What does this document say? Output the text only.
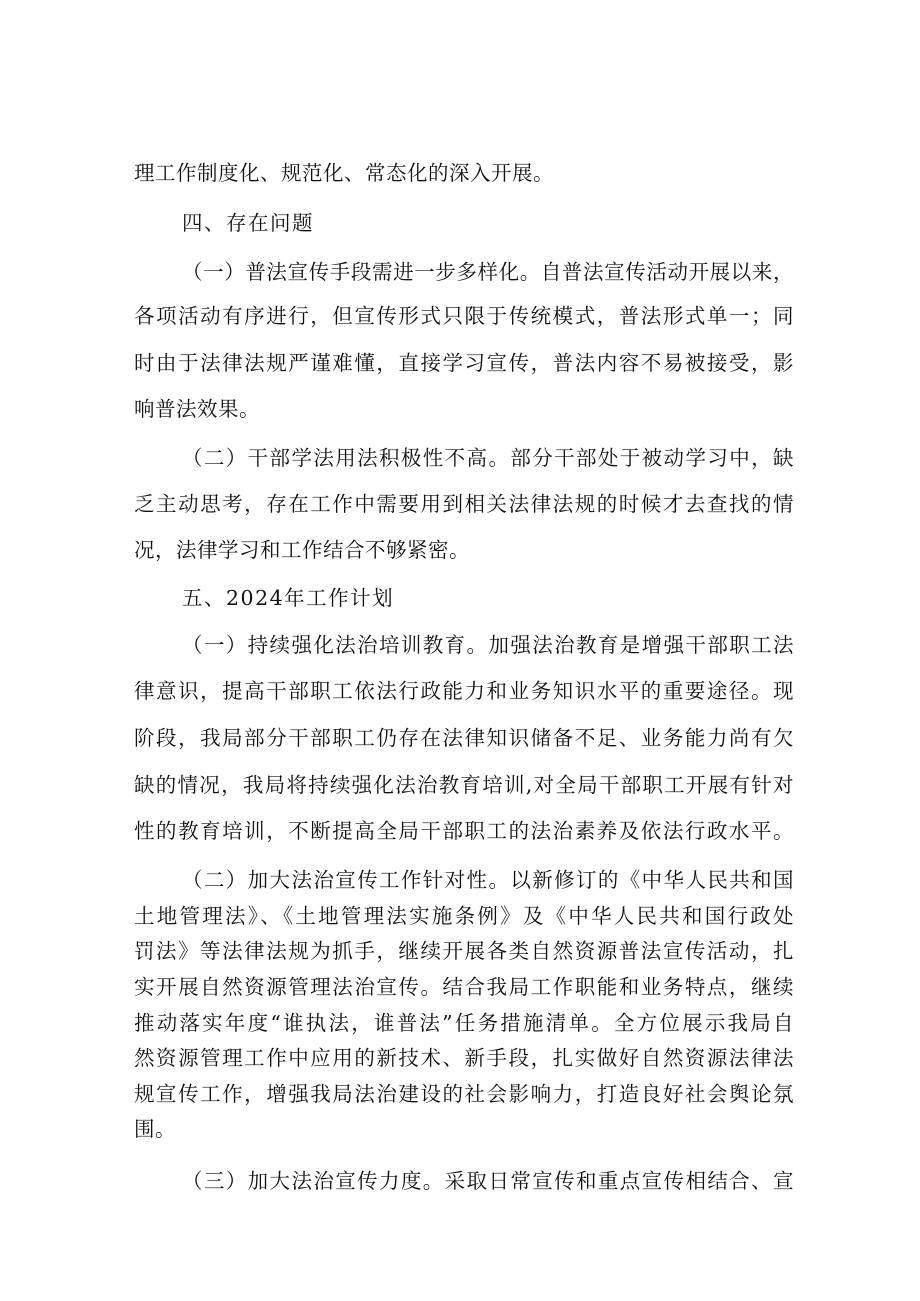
理工作制度化、规范化、常态化的深入开展。
四、存在问题
（一）普法宣传手段需进一步多样化。自普法宣传活动开展以来，
各项活动有序进行，但宣传形式只限于传统模式，普法形式单一；同
时由于法律法规严谨难懂，直接学习宣传，普法内容不易被接受，影
响普法效果。
（二）干部学法用法积极性不高。部分干部处于被动学习中，缺
乏主动思考，存在工作中需要用到相关法律法规的时候才去查找的情
况，法律学习和工作结合不够紧密。
五、2024年工作计划
（一）持续强化法治培训教育。加强法治教育是增强干部职工法
律意识，提高干部职工依法行政能力和业务知识水平的重要途径。现
阶段，我局部分干部职工仍存在法律知识储备不足、业务能力尚有欠
缺的情况，我局将持续强化法治教育培训,对全局干部职工开展有针对
性的教育培训，不断提高全局干部职工的法治素养及依法行政水平。
（二）加大法治宣传工作针对性。以新修订的《中华人民共和国
土地管理法》、《土地管理法实施条例》及《中华人民共和国行政处
罚法》等法律法规为抓手，继续开展各类自然资源普法宣传活动，扎
实开展自然资源管理法治宣传。结合我局工作职能和业务特点，继续
推动落实年度“谁执法，谁普法”任务措施清单。全方位展示我局自
然资源管理工作中应用的新技术、新手段，扎实做好自然资源法律法
规宣传工作，增强我局法治建设的社会影响力，打造良好社会舆论氛
围。
（三）加大法治宣传力度。采取日常宣传和重点宣传相结合、宣
